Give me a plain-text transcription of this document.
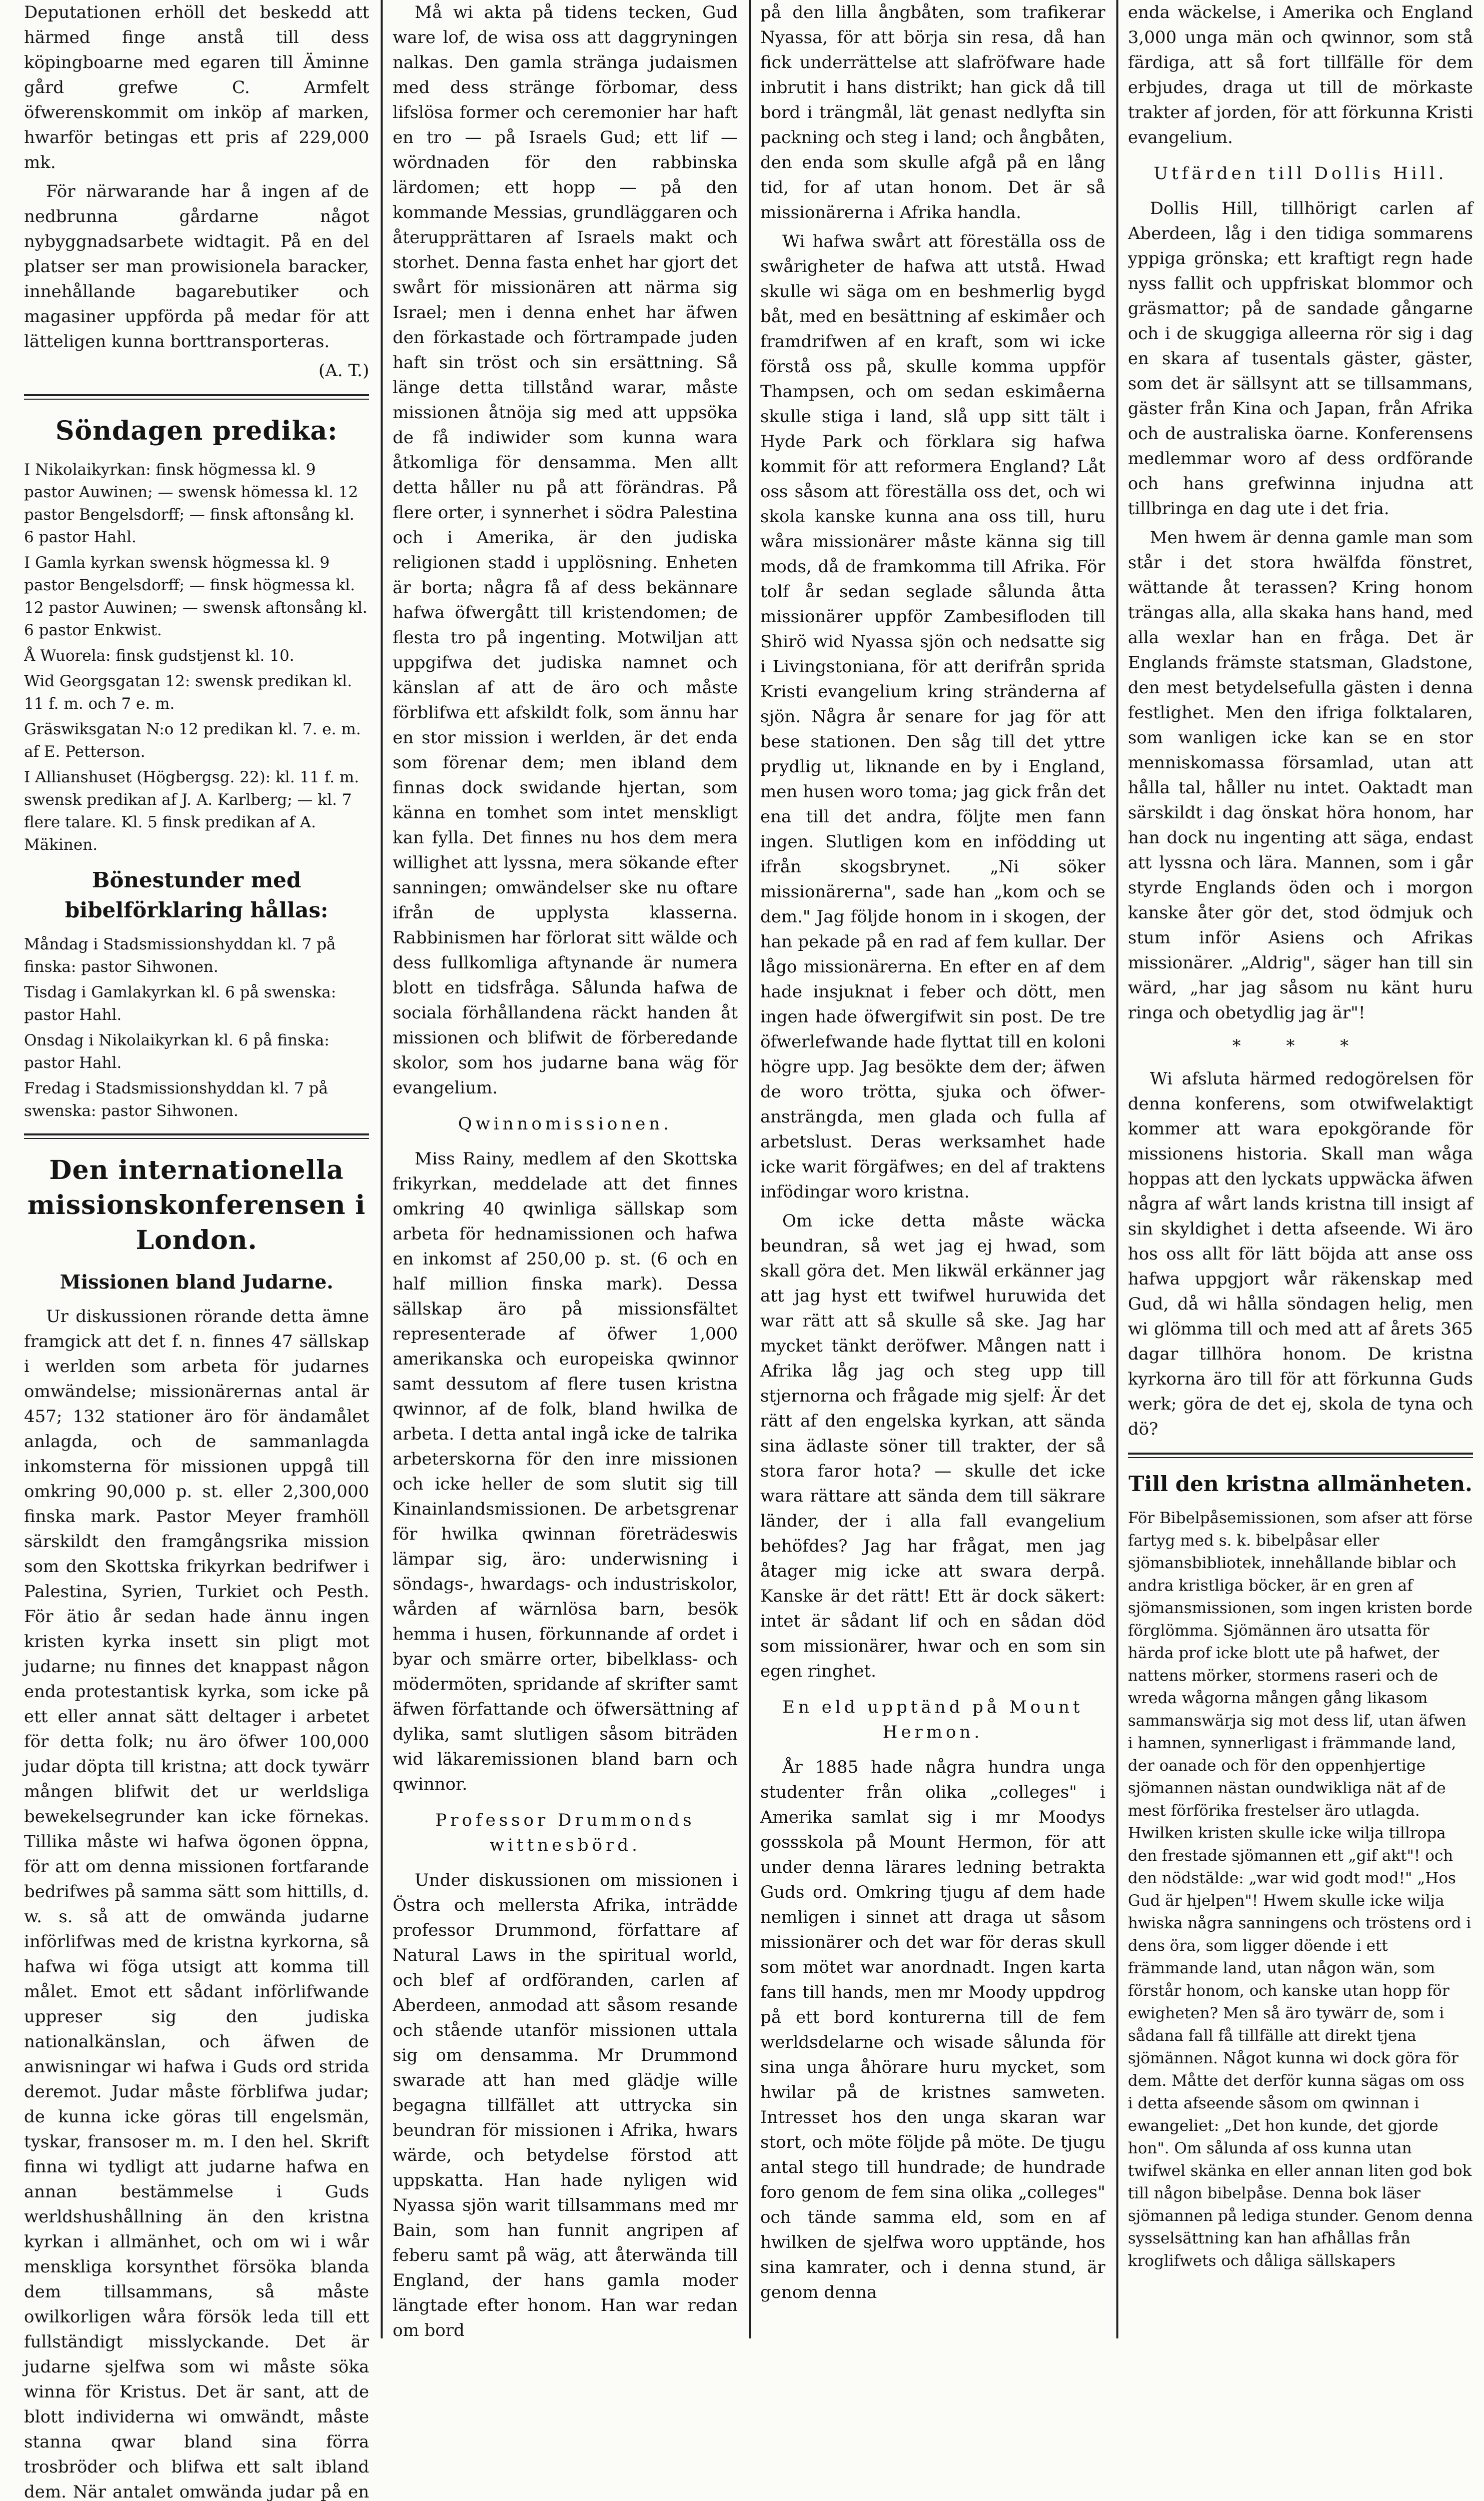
Deputationen erhöll det beskedd att härmed finge anstå till dess köpingboarne med egaren till Äminne gård grefwe C. Armfelt öfwerenskommit om inköp af marken, hwarför betingas ett pris af 229,000 mk.

För närwarande har å ingen af de nedbrunna gårdarne något nybyggnadsarbete widtagit. På en del platser ser man prowisionela baracker, innehållande bagarebutiker och magasiner uppförda på medar för att lätteligen kunna borttransporteras.

(A. T.)

Söndagen predika:

I Nikolaikyrkan: finsk högmessa kl. 9 pastor Auwinen; — swensk hömessa kl. 12 pastor Bengelsdorff; — finsk aftonsång kl. 6 pastor Hahl.

I Gamla kyrkan swensk högmessa kl. 9 pastor Bengelsdorff; — finsk högmessa kl. 12 pastor Auwinen; — swensk aftonsång kl. 6 pastor Enkwist.

Å Wuorela: finsk gudstjenst kl. 10.

Wid Georgsgatan 12: swensk predikan kl. 11 f. m. och 7 e. m.

Gräswiksgatan N:o 12 predikan kl. 7. e. m. af E. Petterson.

I Allianshuset (Högbergsg. 22): kl. 11 f. m. swensk predikan af J. A. Karlberg; — kl. 7 flere talare. Kl. 5 finsk predikan af A. Mäkinen.

Bönestunder med bibelförklaring hållas:

Måndag i Stadsmissionshyddan kl. 7 på finska: pastor Sihwonen.

Tisdag i Gamlakyrkan kl. 6 på swenska: pastor Hahl.

Onsdag i Nikolaikyrkan kl. 6 på finska: pastor Hahl.

Fredag i Stadsmissionshyddan kl. 7 på swenska: pastor Sihwonen.

Den internationella missionskonferensen i London.
Missionen bland Judarne.

Ur diskussionen rörande detta ämne framgick att det f. n. finnes 47 sällskap i werlden som arbeta för judarnes omwändelse; missionärernas antal är 457; 132 stationer äro för ändamålet anlagda, och de sammanlagda inkomsterna för missionen uppgå till omkring 90,000 p. st. eller 2,300,000 finska mark. Pastor Meyer framhöll särskildt den framgångsrika mission som den Skottska frikyrkan bedrifwer i Palestina, Syrien, Turkiet och Pesth. För ätio år sedan hade ännu ingen kristen kyrka insett sin pligt mot judarne; nu finnes det knappast någon enda protestantisk kyrka, som icke på ett eller annat sätt deltager i arbetet för detta folk; nu äro öfwer 100,000 judar döpta till kristna; att dock tywärr mången blifwit det ur werldsliga bewekelsegrunder kan icke förnekas. Tillika måste wi hafwa ögonen öppna, för att om denna missionen fortfarande bedrifwes på samma sätt som hittills, d. w. s. så att de omwända judarne införlifwas med de kristna kyrkorna, så hafwa wi föga utsigt att komma till målet. Emot ett sådant införlifwande uppreser sig den judiska nationalkänslan, och äfwen de anwisningar wi hafwa i Guds ord strida deremot. Judar måste förblifwa judar; de kunna icke göras till engelsmän, tyskar, fransoser m. m. I den hel. Skrift finna wi tydligt att judarne hafwa en annan bestämmelse i Guds werldshushållning än den kristna kyrkan i allmänhet, och om wi i wår menskliga korsynthet försöka blanda dem tillsammans, så måste owilkorligen wåra försök leda till ett fullständigt misslyckande. Det är judarne sjelfwa som wi måste söka winna för Kristus. Det är sant, att de blott individerna wi omwändt, måste stanna qwar bland sina förra trosbröder och blifwa ett salt ibland dem. När antalet omwända judar på en

Må wi akta på tidens tecken, Gud ware lof, de wisa oss att daggryningen nalkas. Den gamla stränga judaismen med dess stränge förbomar, dess lifslösa former och ceremonier har haft en tro — på Israels Gud; ett lif — wördnaden för den rabbinska lärdomen; ett hopp — på den kommande Messias, grundläggaren och återupprättaren af Israels makt och storhet. Denna fasta enhet har gjort det swårt för missionären att närma sig Israel; men i denna enhet har äfwen den förkastade och förtrampade juden haft sin tröst och sin ersättning. Så länge detta tillstånd warar, måste missionen åtnöja sig med att uppsöka de få indiwider som kunna wara åtkomliga för densamma. Men allt detta håller nu på att förändras. På flere orter, i synnerhet i södra Palestina och i Amerika, är den judiska religionen stadd i upplösning. Enheten är borta; några få af dess bekännare hafwa öfwergått till kristendomen; de flesta tro på ingenting. Motwiljan att uppgifwa det judiska namnet och känslan af att de äro och måste förblifwa ett afskildt folk, som ännu har en stor mission i werlden, är det enda som förenar dem; men ibland dem finnas dock swidande hjertan, som känna en tomhet som intet menskligt kan fylla. Det finnes nu hos dem mera willighet att lyssna, mera sökande efter sanningen; omwändelser ske nu oftare ifrån de upplysta klasserna. Rabbinismen har förlorat sitt wälde och dess fullkomliga aftynande är numera blott en tidsfråga. Sålunda hafwa de sociala förhållandena räckt handen åt missionen och blifwit de förberedande skolor, som hos judarne bana wäg för evangelium.

Qwinnomissionen.

Miss Rainy, medlem af den Skottska frikyrkan, meddelade att det finnes omkring 40 qwinliga sällskap som arbeta för hednamissionen och hafwa en inkomst af 250,00 p. st. (6 och en half million finska mark). Dessa sällskap äro på missionsfältet representerade af öfwer 1,000 amerikanska och europeiska qwinnor samt dessutom af flere tusen kristna qwinnor, af de folk, bland hwilka de arbeta. I detta antal ingå icke de talrika arbeterskorna för den inre missionen och icke heller de som slutit sig till Kinainlandsmissionen. De arbetsgrenar för hwilka qwinnan företrädeswis lämpar sig, äro: underwisning i söndags-, hwardags- och industriskolor, wården af wärnlösa barn, besök hemma i husen, förkunnande af ordet i byar och smärre orter, bibelklass- och mödermöten, spridande af skrifter samt äfwen författande och öfwersättning af dylika, samt slutligen såsom biträden wid läkaremissionen bland barn och qwinnor.

Professor Drummonds wittnesbörd.

Under diskussionen om missionen i Östra och mellersta Afrika, inträdde professor Drummond, författare af Natural Laws in the spiritual world, och blef af ordföranden, carlen af Aberdeen, anmodad att såsom resande och stående utanför missionen uttala sig om densamma. Mr Drummond swarade att han med glädje wille begagna tillfället att uttrycka sin beundran för missionen i Afrika, hwars wärde, och betydelse förstod att uppskatta. Han hade nyligen wid Nyassa sjön warit tillsammans med mr Bain, som han funnit angripen af feberu samt på wäg, att återwända till England, der hans gamla moder längtade efter honom. Han war redan om bord

på den lilla ångbåten, som trafikerar Nyassa, för att börja sin resa, då han fick underrättelse att slafröfware hade inbrutit i hans distrikt; han gick då till bord i trängmål, lät genast nedlyfta sin packning och steg i land; och ångbåten, den enda som skulle afgå på en lång tid, for af utan honom. Det är så missionärerna i Afrika handla.

Wi hafwa swårt att föreställa oss de swårigheter de hafwa att utstå. Hwad skulle wi säga om en beshmerlig bygd båt, med en besättning af eskimåer och framdrifwen af en kraft, som wi icke förstå oss på, skulle komma uppför Thampsen, och om sedan eskimåerna skulle stiga i land, slå upp sitt tält i Hyde Park och förklara sig hafwa kommit för att reformera England? Låt oss såsom att föreställa oss det, och wi skola kanske kunna ana oss till, huru wåra missionärer måste känna sig till mods, då de framkomma till Afrika. För tolf år sedan seglade sålunda åtta missionärer uppför Zambesifloden till Shirö wid Nyassa sjön och nedsatte sig i Livingstoniana, för att derifrån sprida Kristi evangelium kring stränderna af sjön. Några år senare for jag för att bese stationen. Den såg till det yttre prydlig ut, liknande en by i England, men husen woro toma; jag gick från det ena till det andra, följte men fann ingen. Slutligen kom en infödding ut ifrån skogsbrynet. „Ni söker missionärerna", sade han „kom och se dem." Jag följde honom in i skogen, der han pekade på en rad af fem kullar. Der lågo missionärerna. En efter en af dem hade insjuknat i feber och dött, men ingen hade öfwergifwit sin post. De tre öfwerlefwande hade flyttat till en koloni högre upp. Jag besökte dem der; äfwen de woro trötta, sjuka och öfweransträngda, men glada och fulla af arbetslust. Deras werksamhet hade icke warit förgäfwes; en del af traktens infödingar woro kristna.

Om icke detta måste wäcka beundran, så wet jag ej hwad, som skall göra det. Men likwäl erkänner jag att jag hyst ett twifwel huruwida det war rätt att så skulle så ske. Jag har mycket tänkt deröfwer. Mången natt i Afrika låg jag och steg upp till stjernorna och frågade mig sjelf: Är det rätt af den engelska kyrkan, att sända sina ädlaste söner till trakter, der så stora faror hota? — skulle det icke wara rättare att sända dem till säkrare länder, der i alla fall evangelium behöfdes? Jag har frågat, men jag åtager mig icke att swara derpå. Kanske är det rätt! Ett är dock säkert: intet är sådant lif och en sådan död som missionärer, hwar och en som sin egen ringhet.

En eld upptänd på Mount Hermon.

År 1885 hade några hundra unga studenter från olika „colleges" i Amerika samlat sig i mr Moodys gossskola på Mount Hermon, för att under denna lärares ledning betrakta Guds ord. Omkring tjugu af dem hade nemligen i sinnet att draga ut såsom missionärer och det war för deras skull som mötet war anordnadt. Ingen karta fans till hands, men mr Moody uppdrog på ett bord konturerna till de fem werldsdelarne och wisade sålunda för sina unga åhörare huru mycket, som hwilar på de kristnes samweten. Intresset hos den unga skaran war stort, och möte följde på möte. De tjugu antal stego till hundrade; de hundrade foro genom de fem sina olika „colleges" och tände samma eld, som en af hwilken de sjelfwa woro upptände, hos sina kamrater, och i denna stund, är genom denna

enda wäckelse, i Amerika och England 3,000 unga män och qwinnor, som stå färdiga, att så fort tillfälle för dem erbjudes, draga ut till de mörkaste trakter af jorden, för att förkunna Kristi evangelium.

Utfärden till Dollis Hill.

Dollis Hill, tillhörigt carlen af Aberdeen, låg i den tidiga sommarens yppiga grönska; ett kraftigt regn hade nyss fallit och uppfriskat blommor och gräsmattor; på de sandade gångarne och i de skuggiga alleerna rör sig i dag en skara af tusentals gäster, gäster, som det är sällsynt att se tillsammans, gäster från Kina och Japan, från Afrika och de australiska öarne. Konferensens medlemmar woro af dess ordförande och hans grefwinna injudna att tillbringa en dag ute i det fria.

Men hwem är denna gamle man som står i det stora hwälfda fönstret, wättande åt terassen? Kring honom trängas alla, alla skaka hans hand, med alla wexlar han en fråga. Det är Englands främste statsman, Gladstone, den mest betydelsefulla gästen i denna festlighet. Men den ifriga folktalaren, som wanligen icke kan se en stor menniskomassa församlad, utan att hålla tal, håller nu intet. Oaktadt man särskildt i dag önskat höra honom, har han dock nu ingenting att säga, endast att lyssna och lära. Mannen, som i går styrde Englands öden och i morgon kanske åter gör det, stod ödmjuk och stum inför Asiens och Afrikas missionärer. „Aldrig", säger han till sin wärd, „har jag såsom nu känt huru ringa och obetydlig jag är"!

* * *

Wi afsluta härmed redogörelsen för denna konferens, som otwifwelaktigt kommer att wara epokgörande för missionens historia. Skall man wåga hoppas att den lyckats uppwäcka äfwen några af wårt lands kristna till insigt af sin skyldighet i detta afseende. Wi äro hos oss allt för lätt böjda att anse oss hafwa uppgjort wår räkenskap med Gud, då wi hålla söndagen helig, men wi glömma till och med att af årets 365 dagar tillhöra honom. De kristna kyrkorna äro till för att förkunna Guds werk; göra de det ej, skola de tyna och dö?

Till den kristna allmänheten.

För Bibelpåsemissionen, som afser att förse fartyg med s. k. bibelpåsar eller sjömansbibliotek, innehållande biblar och andra kristliga böcker, är en gren af sjömansmissionen, som ingen kristen borde förglömma. Sjömännen äro utsatta för härda prof icke blott ute på hafwet, der nattens mörker, stormens raseri och de wreda wågorna mången gång likasom sammanswärja sig mot dess lif, utan äfwen i hamnen, synnerligast i främmande land, der oanade och för den oppenhjertige sjömannen nästan oundwikliga nät af de mest förförika frestelser äro utlagda. Hwilken kristen skulle icke wilja tillropa den frestade sjömannen ett „gif akt"! och den nödstälde: „war wid godt mod!" „Hos Gud är hjelpen"! Hwem skulle icke wilja hwiska några sanningens och tröstens ord i dens öra, som ligger döende i ett främmande land, utan någon wän, som förstår honom, och kanske utan hopp för ewigheten? Men så äro tywärr de, som i sådana fall få tillfälle att direkt tjena sjömännen. Något kunna wi dock göra för dem. Måtte det derför kunna sägas om oss i detta afseende såsom om qwinnan i ewangeliet: „Det hon kunde, det gjorde hon". Om sålunda af oss kunna utan twifwel skänka en eller annan liten god bok till någon bibelpåse. Denna bok läser sjömannen på lediga stunder. Genom denna sysselsättning kan han afhållas från kroglifwets och dåliga sällskapers
